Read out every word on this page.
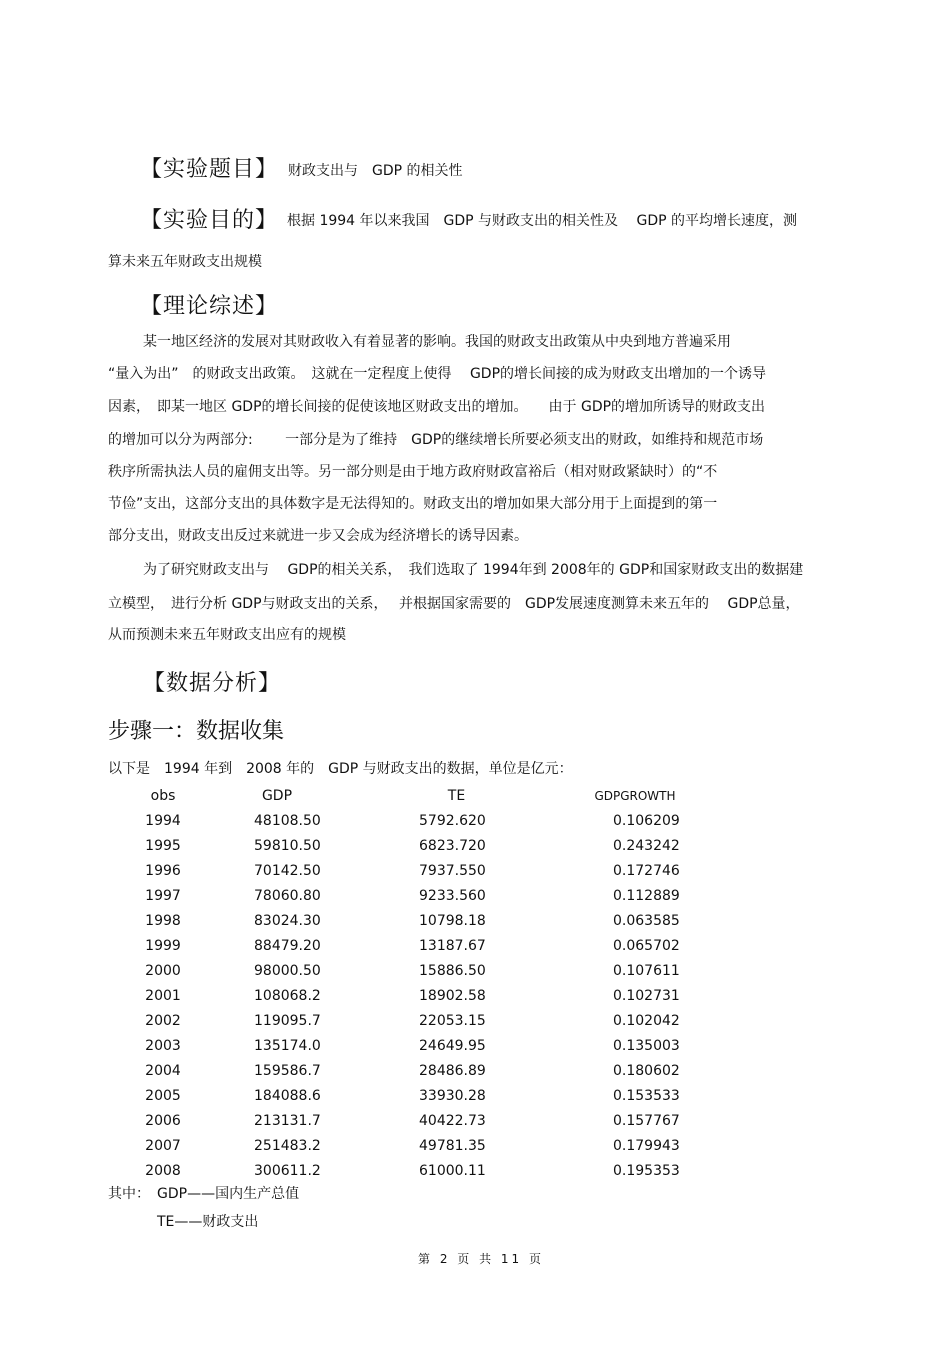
【实验题目】 财政支出与　GDP 的相关性
【实验目的】 根据 1994 年以来我国　GDP 与财政支出的相关性及　 GDP 的平均增长速度，测
算未来五年财政支出规模
【理论综述】
某一地区经济的发展对其财政收入有着显著的影响。我国的财政支出政策从中央到地方普遍采用
“量入为出”　的财政支出政策。　这就在一定程度上使得　 GDP的增长间接的成为财政支出增加的一个诱导
因素，　即某一地区 GDP的增长间接的促使该地区财政支出的增加。　　由于 GDP的增加所诱导的财政支出
的增加可以分为两部分:　　 一部分是为了维持　GDP的继续增长所要必须支出的财政，如维持和规范市场
秩序所需执法人员的雇佣支出等。另一部分则是由于地方政府财政富裕后（相对财政紧缺时）的“不
节俭”支出，这部分支出的具体数字是无法得知的。财政支出的增加如果大部分用于上面提到的第一
部分支出，财政支出反过来就进一步又会成为经济增长的诱导因素。
为了研究财政支出与　 GDP的相关关系，　我们选取了 1994年到 2008年的 GDP和国家财政支出的数据建
立模型，　进行分析 GDP与财政支出的关系，　 并根据国家需要的　GDP发展速度测算未来五年的　 GDP总量，
从而预测未来五年财政支出应有的规模
【数据分析】
步骤一：数据收集
以下是　1994 年到　2008 年的　GDP 与财政支出的数据，单位是亿元：
obs	GDP	TE	GDPGROWTH
1994	48108.50	5792.620	0.106209
1995	59810.50	6823.720	0.243242
1996	70142.50	7937.550	0.172746
1997	78060.80	9233.560	0.112889
1998	83024.30	10798.18	0.063585
1999	88479.20	13187.67	0.065702
2000	98000.50	15886.50	0.107611
2001	108068.2	18902.58	0.102731
2002	119095.7	22053.15	0.102042
2003	135174.0	24649.95	0.135003
2004	159586.7	28486.89	0.180602
2005	184088.6	33930.28	0.153533
2006	213131.7	40422.73	0.157767
2007	251483.2	49781.35	0.179943
2008	300611.2	61000.11	0.195353
其中：　GDP——国内生产总值
TE——财政支出
第 2 页 共 11 页
